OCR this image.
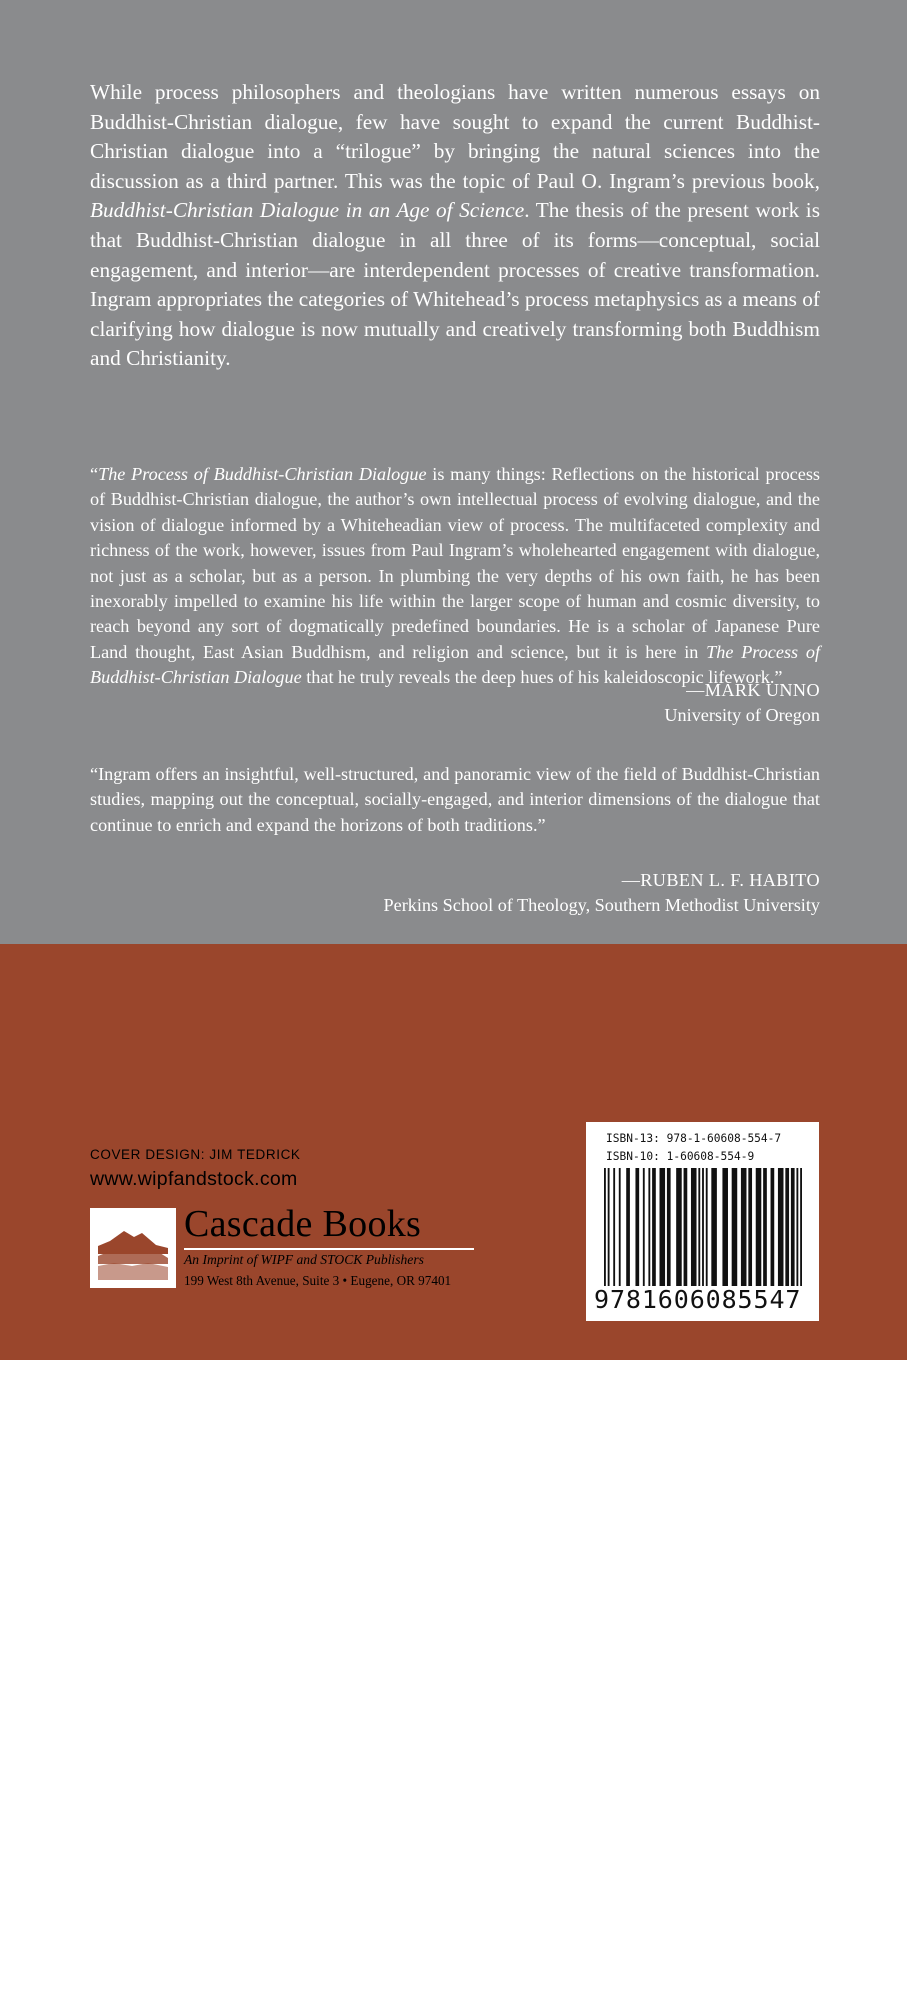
While process philosophers and theologians have written numerous essays on Buddhist-Christian dialogue, few have sought to expand the current Buddhist-Christian dialogue into a “trilogue” by bringing the natural sciences into the discussion as a third partner. This was the topic of Paul O. Ingram’s previous book, Buddhist-Christian Dialogue in an Age of Science. The thesis of the present work is that Buddhist-Christian dialogue in all three of its forms—conceptual, social engagement, and interior—are interdependent processes of creative transformation. Ingram appropriates the categories of Whitehead’s process metaphysics as a means of clarifying how dialogue is now mutually and creatively transforming both Buddhism and Christianity.

“The Process of Buddhist-Christian Dialogue is many things: Reflections on the historical process of Buddhist-Christian dialogue, the author’s own intellectual process of evolving dialogue, and the vision of dialogue informed by a Whiteheadian view of process. The multifaceted complexity and richness of the work, however, issues from Paul Ingram’s wholehearted engagement with dialogue, not just as a scholar, but as a person. In plumbing the very depths of his own faith, he has been inexorably impelled to examine his life within the larger scope of human and cosmic diversity, to reach beyond any sort of dogmatically predefined boundaries. He is a scholar of Japanese Pure Land thought, East Asian Buddhism, and religion and science, but it is here in The Process of Buddhist-Christian Dialogue that he truly reveals the deep hues of his kaleidoscopic lifework.”

—MARK UNNO
University of Oregon

“Ingram offers an insightful, well-structured, and panoramic view of the field of Buddhist-Christian studies, mapping out the conceptual, socially-engaged, and interior dimensions of the dialogue that continue to enrich and expand the horizons of both traditions.”

—RUBEN L. F. HABITO
Perkins School of Theology, Southern Methodist University

PAUL O. INGRAM is Professor of Religion Emeritus at Pacific Lutheran University in Tacoma, Washington. He is the author of Buddhist-Christian Dialogue in an Age of Science, Wrestling with God, and Wrestling with the Ox: A Theology of Religious Experience.

COVER DESIGN: JIM TEDRICK

www.wipfandstock.com

Cascade Books

An Imprint of WIPF and STOCK Publishers

199 West 8th Avenue, Suite 3 • Eugene, OR 97401

ISBN-13: 978-1-60608-554-7

ISBN-10: 1-60608-554-9

9781606085547
